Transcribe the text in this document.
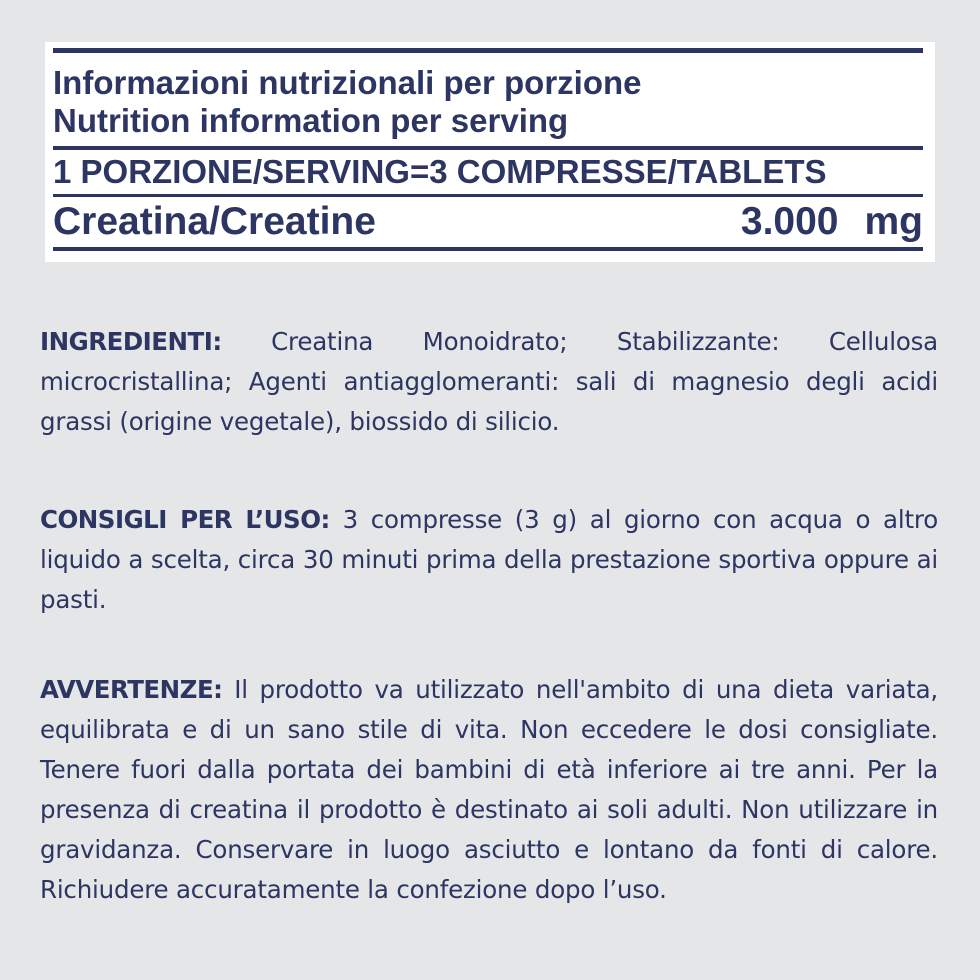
Informazioni nutrizionali per porzione
Nutrition information per serving
1 PORZIONE/SERVING=3 COMPRESSE/TABLETS
Creatina/Creatine	3.000 mg
INGREDIENTI: Creatina Monoidrato; Stabilizzante: Cellulosa microcristallina; Agenti antiagglomeranti: sali di magnesio degli acidi grassi (origine vegetale), biossido di silicio.
CONSIGLI PER L’USO: 3 compresse (3 g) al giorno con acqua o altro liquido a scelta, circa 30 minuti prima della prestazione sportiva oppure ai pasti.
AVVERTENZE: Il prodotto va utilizzato nell'ambito di una dieta variata, equilibrata e di un sano stile di vita. Non eccedere le dosi consigliate. Tenere fuori dalla portata dei bambini di età inferiore ai tre anni. Per la presenza di creatina il prodotto è destinato ai soli adulti. Non utilizzare in gravidanza. Conservare in luogo asciutto e lontano da fonti di calore. Richiudere accuratamente la confezione dopo l’uso.
